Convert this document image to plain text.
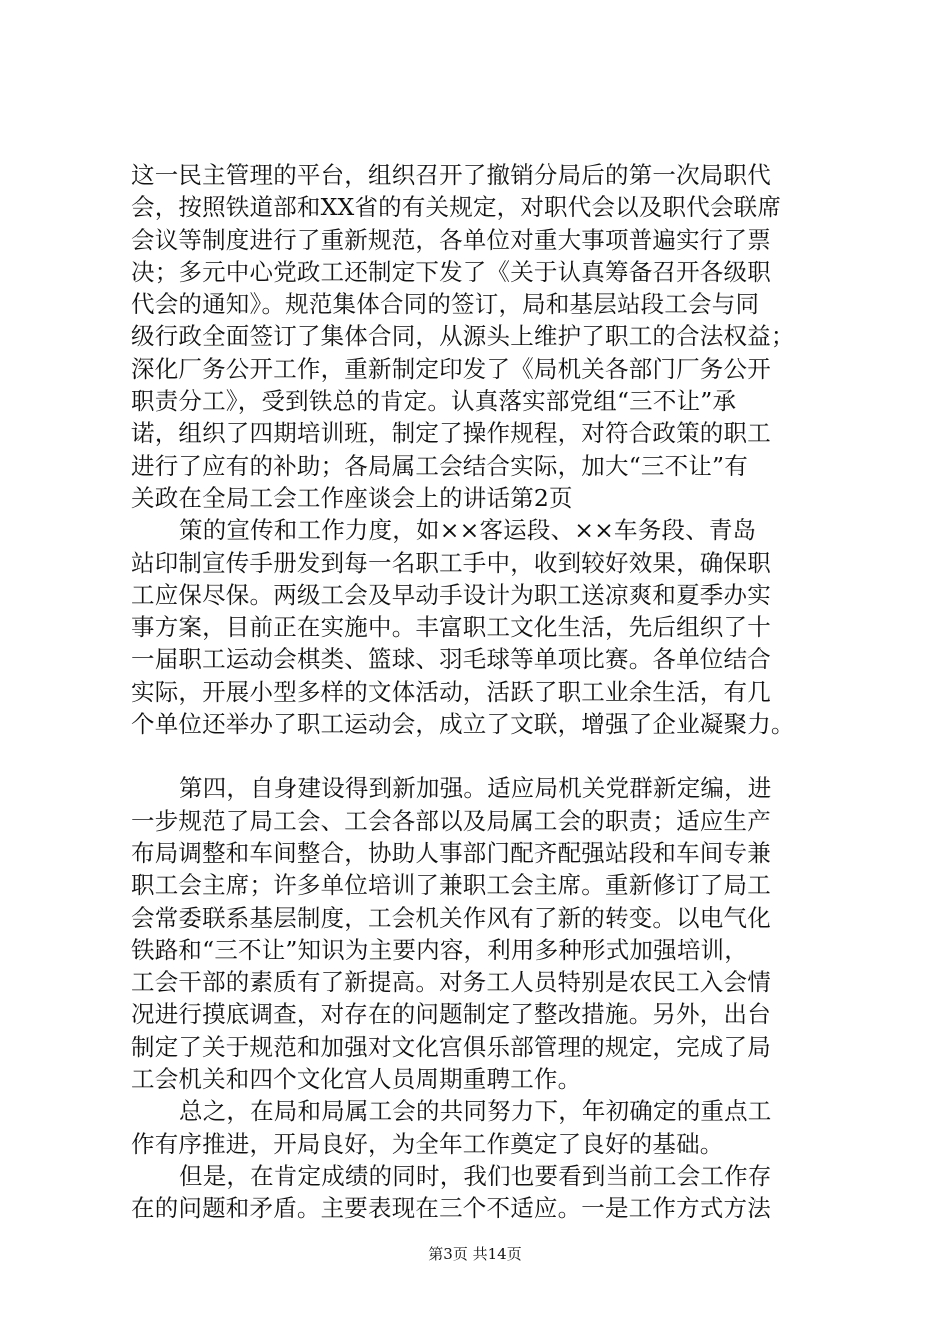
这一民主管理的平台，组织召开了撤销分局后的第一次局职代
会，按照铁道部和XX省的有关规定，对职代会以及职代会联席
会议等制度进行了重新规范，各单位对重大事项普遍实行了票
决；多元中心党政工还制定下发了《关于认真筹备召开各级职
代会的通知》。规范集体合同的签订，局和基层站段工会与同
级行政全面签订了集体合同，从源头上维护了职工的合法权益；
深化厂务公开工作，重新制定印发了《局机关各部门厂务公开
职责分工》，受到铁总的肯定。认真落实部党组“三不让”承
诺，组织了四期培训班，制定了操作规程，对符合政策的职工
进行了应有的补助；各局属工会结合实际，加大“三不让”有
关政在全局工会工作座谈会上的讲话第2页

策的宣传和工作力度，如××客运段、××车务段、青岛
站印制宣传手册发到每一名职工手中，收到较好效果，确保职
工应保尽保。两级工会及早动手设计为职工送凉爽和夏季办实
事方案，目前正在实施中。丰富职工文化生活，先后组织了十
一届职工运动会棋类、篮球、羽毛球等单项比赛。各单位结合
实际，开展小型多样的文体活动，活跃了职工业余生活，有几
个单位还举办了职工运动会，成立了文联，增强了企业凝聚力。

第四，自身建设得到新加强。适应局机关党群新定编，进
一步规范了局工会、工会各部以及局属工会的职责；适应生产
布局调整和车间整合，协助人事部门配齐配强站段和车间专兼
职工会主席；许多单位培训了兼职工会主席。重新修订了局工
会常委联系基层制度，工会机关作风有了新的转变。以电气化
铁路和“三不让”知识为主要内容，利用多种形式加强培训，
工会干部的素质有了新提高。对务工人员特别是农民工入会情
况进行摸底调查，对存在的问题制定了整改措施。另外，出台
制定了关于规范和加强对文化宫俱乐部管理的规定，完成了局
工会机关和四个文化宫人员周期重聘工作。

总之，在局和局属工会的共同努力下，年初确定的重点工
作有序推进，开局良好，为全年工作奠定了良好的基础。

但是，在肯定成绩的同时，我们也要看到当前工会工作存
在的问题和矛盾。主要表现在三个不适应。一是工作方式方法

第3页 共14页
